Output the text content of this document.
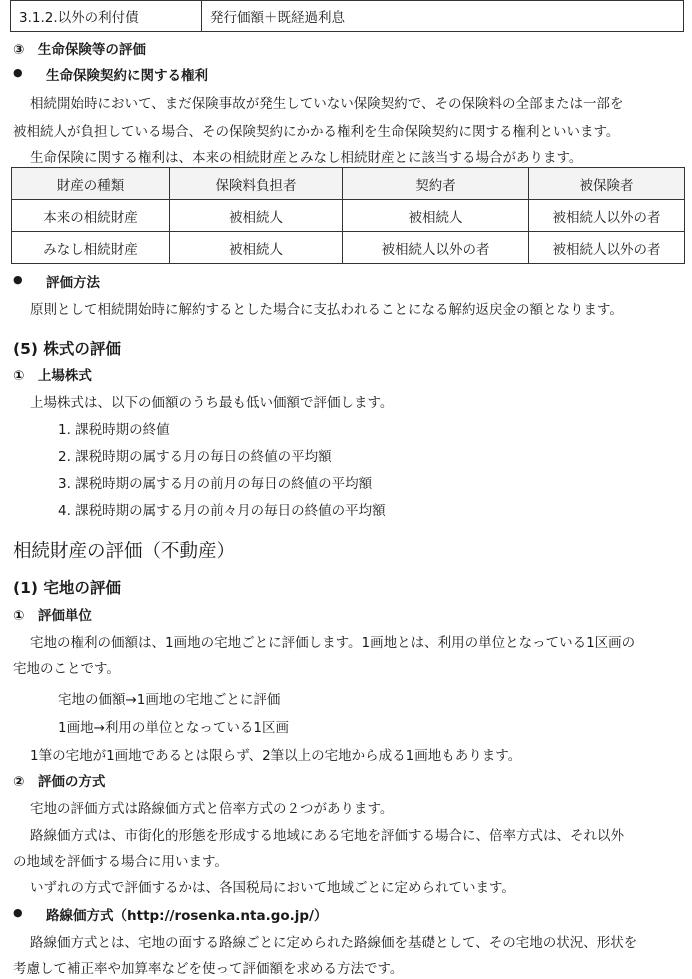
3.1.2.以外の利付債	発行価額＋既経過利息
③　生命保険等の評価
● 生命保険契約に関する権利
相続開始時において、まだ保険事故が発生していない保険契約で、その保険料の全部または一部を
被相続人が負担している場合、その保険契約にかかる権利を生命保険契約に関する権利といいます。
生命保険に関する権利は、本来の相続財産とみなし相続財産とに該当する場合があります。
財産の種類	保険料負担者	契約者	被保険者
本来の相続財産	被相続人	被相続人	被相続人以外の者
みなし相続財産	被相続人	被相続人以外の者	被相続人以外の者
● 評価方法
原則として相続開始時に解約するとした場合に支払われることになる解約返戻金の額となります。
(5) 株式の評価
①　上場株式
上場株式は、以下の価額のうち最も低い価額で評価します。
1. 課税時期の終値
2. 課税時期の属する月の毎日の終値の平均額
3. 課税時期の属する月の前月の毎日の終値の平均額
4. 課税時期の属する月の前々月の毎日の終値の平均額
相続財産の評価（不動産）
(1) 宅地の評価
①　評価単位
宅地の権利の価額は、1画地の宅地ごとに評価します。1画地とは、利用の単位となっている1区画の
宅地のことです。
宅地の価額→1画地の宅地ごとに評価
1画地→利用の単位となっている1区画
1筆の宅地が1画地であるとは限らず、2筆以上の宅地から成る1画地もあります。
②　評価の方式
宅地の評価方式は路線価方式と倍率方式の２つがあります。
路線価方式は、市街化的形態を形成する地域にある宅地を評価する場合に、倍率方式は、それ以外
の地域を評価する場合に用います。
いずれの方式で評価するかは、各国税局において地域ごとに定められています。
● 路線価方式（http://rosenka.nta.go.jp/）
路線価方式とは、宅地の面する路線ごとに定められた路線価を基礎として、その宅地の状況、形状を
考慮して補正率や加算率などを使って評価額を求める方法です。
